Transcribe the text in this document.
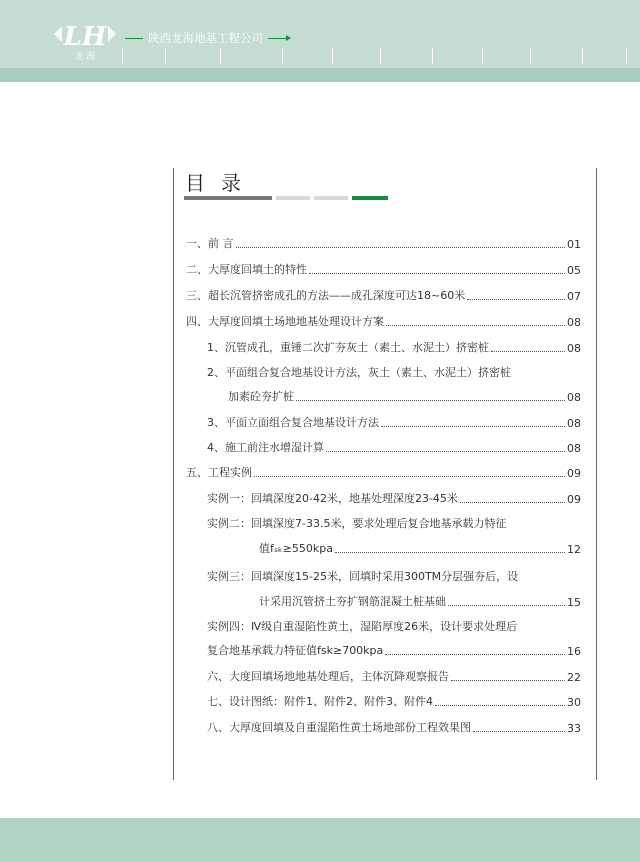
LH
龙 海
陕西龙海地基工程公司
目录
一、前 言	01
二、大厚度回填土的特性	05
三、超长沉管挤密成孔的方法——成孔深度可达18~60米	07
四、大厚度回填土场地地基处理设计方案	08
1、沉管成孔，重锤二次扩夯灰土（素土、水泥土）挤密桩	08
2、平面组合复合地基设计方法，灰土（素土、水泥土）挤密桩
加素砼夯扩桩	08
3、平面立面组合复合地基设计方法	08
4、施工前注水增湿计算	08
五、工程实例	09
实例一：回填深度20-42米，地基处理深度23-45米	09
实例二：回填深度7-33.5米，要求处理后复合地基承载力特征
值fₛₖ≥550kpa	12
实例三：回填深度15-25米，回填时采用300TM分层强夯后，设
计采用沉管挤土夯扩钢筋混凝土桩基础	15
实例四：Ⅳ级自重湿陷性黄土，湿陷厚度26米，设计要求处理后
复合地基承载力特征值fsk≥700kpa	16
六、大度回填场地地基处理后，主体沉降观察报告	22
七、设计图纸：附件1、附件2、附件3、附件4	30
八、大厚度回填及自重湿陷性黄土场地部份工程效果图	33
